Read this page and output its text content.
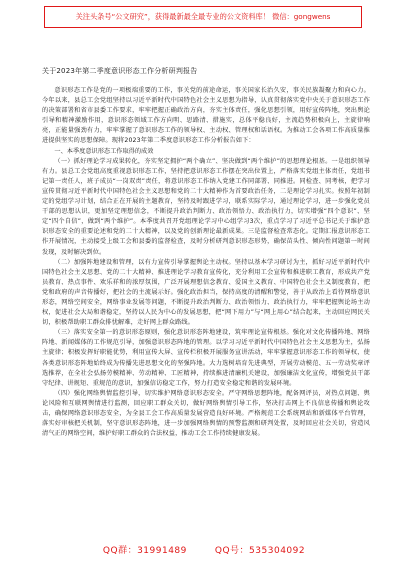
关注头条号“公文研究”，获得最新最全最专业的公文资料库！ 微信：gongwens

关于2023年第二季度意识形态工作分析研判报告

意识形态工作是党的一项极端重要的工作，事关党的前途命运，事关国家长治久安，事关民族凝聚力和向心力。今年以来，县总工会党组坚持以习近平新时代中国特色社会主义思想为指导，认真贯彻落实党中央关于意识形态工作的决策部署和省市县委工作要求，牢牢把握正确政治方向，夯实主体责任，强化思想引领，用好宣传阵地，突出舆论引导和精神激励作用，意识形态领域工作方向明、思路清、措施实，总体平稳良好，主流趋势积极向上，主旋律响亮，正能量强劲有力，牢牢掌握了意识形态工作的领导权、主动权、管理权和话语权。为推动工会各项工作高质量推进提供坚实的思想保障。现将2023年第二季度意识形态工作分析报告如下：

一、本季度意识形态工作取得的成效

（一）抓好理论学习成果转化，夯实坚定拥护“两个确立”、坚决做到“两个维护”的思想理论根基。一是组织领导有力。县总工会党组高度重视意识形态工作，坚持把意识形态工作摆在突出位置上，严格落实党组主体责任，党组书记第一责任人，班子成员“一岗双责”责任，将意识形态工作纳入党建工作同部署、同推进。同检查、同考核，把学习宣传贯彻习近平新时代中国特色社会主义思想和党的二十大精神作为首要政治任务，二是理论学习扎实。按照年初制定的党组学习计划，结合正在开展的主题教育，坚持及时跟进学习，联系实际学习，通过理论学习，进一步强化党员干部的思想认识，更加坚定理想信念，不断提升政治判断力、政治领悟力、政治执行力，切实增强“四个意识”、坚定“四个自信”，做到“两个维护”。本季度共召开党组理论学习中心组学习3次，重点学习了习近平总书记关于维护意识形态安全的重要论述和党的二十大精神，以及党的创新理论最新成果。三是监督检查常态化。定期汇报意识形态工作开展情况，主动接受上级工会和县委的监督检查，及时分析研判意识形态形势，确保苗头性、倾向性问题第一时间发现，及时解决到位。

（二）加强阵地建设和管理，以有力宣传引导掌握舆论主动权。坚持以基本学习研讨为主，抓好习近平新时代中国特色社会主义思想、党的二十大精神、推进理论学习教育宣传化，充分利用工会宣传和推进职工教育，形成共产党员教育、热点事件、欢乐祥和的浓厚氛围，广泛开展理想信念教育、爱国主义教育、中国特色社会主义制度教育，把党和政府的声音传播好，把社会的主流展示好。强化政治担当，保持高度的清醒和警觉，善于从政治上看待网络意识形态，网络空间安全，网络事业发展等问题，不断提升政治判断力、政治领悟力、政治执行力，牢牢把握舆论场主动权，促进社会大局和谐稳定，坚持以人民为中心的发展思想，把“网下用力”与“网上用心”结合起来，主动回应网民关切，积极帮助职工群众排忧解难，走好网上群众路线。

（三）落实安全第一的意识形态原则，强化意识形态阵地建设，筑牢理论宣传根基。强化对文化传播阵地、网络阵地、新闻媒体的工作规范引导，加强意识形态阵地的管理。以学习习近平新时代中国特色社会主义思想为主，弘扬主旋律；积极发挥好职能优势，利用宣传大屏、宣传栏积极开展服务宣讲活动，牢牢掌握意识形态工作的领导权，使各类意识形态阵地始终成为传播先进思想文化的坚强阵地。大力选树培育先进典型，开展劳动模范、五一劳动奖章评选推荐，在全社会弘扬劳模精神、劳动精神、工匠精神，持续推进清廉机关建设，加强廉洁文化宣传，增强党员干部守纪律、讲规矩、重规范的意识，加强信访稳定工作，努力打造安全稳定和谐的发展环境。

（四）强化网络舆情监控引导，切实维护网络意识形态安全。严守网络思想阵地，配备网评员，对热点问题、舆论风险和互联网舆情进行监测，回应职工群众关切，做好网络舆情引导工作，坚决打击网上不良信息传播和舆论攻击，确保网络意识形态安全，为全县工会工作高质量发展营造良好环境。严格规范工会系统网站和新媒体平台管理，落实好审核把关机制，坚守意识形态阵地，进一步加强网络舆情的预警监测和研判处置，及时回应社会关切，营造风清气正的网络空间，维护好职工群众的合法权益，推动工会工作持续健康发展。

QQ群：31991489	QQ号：535304092
